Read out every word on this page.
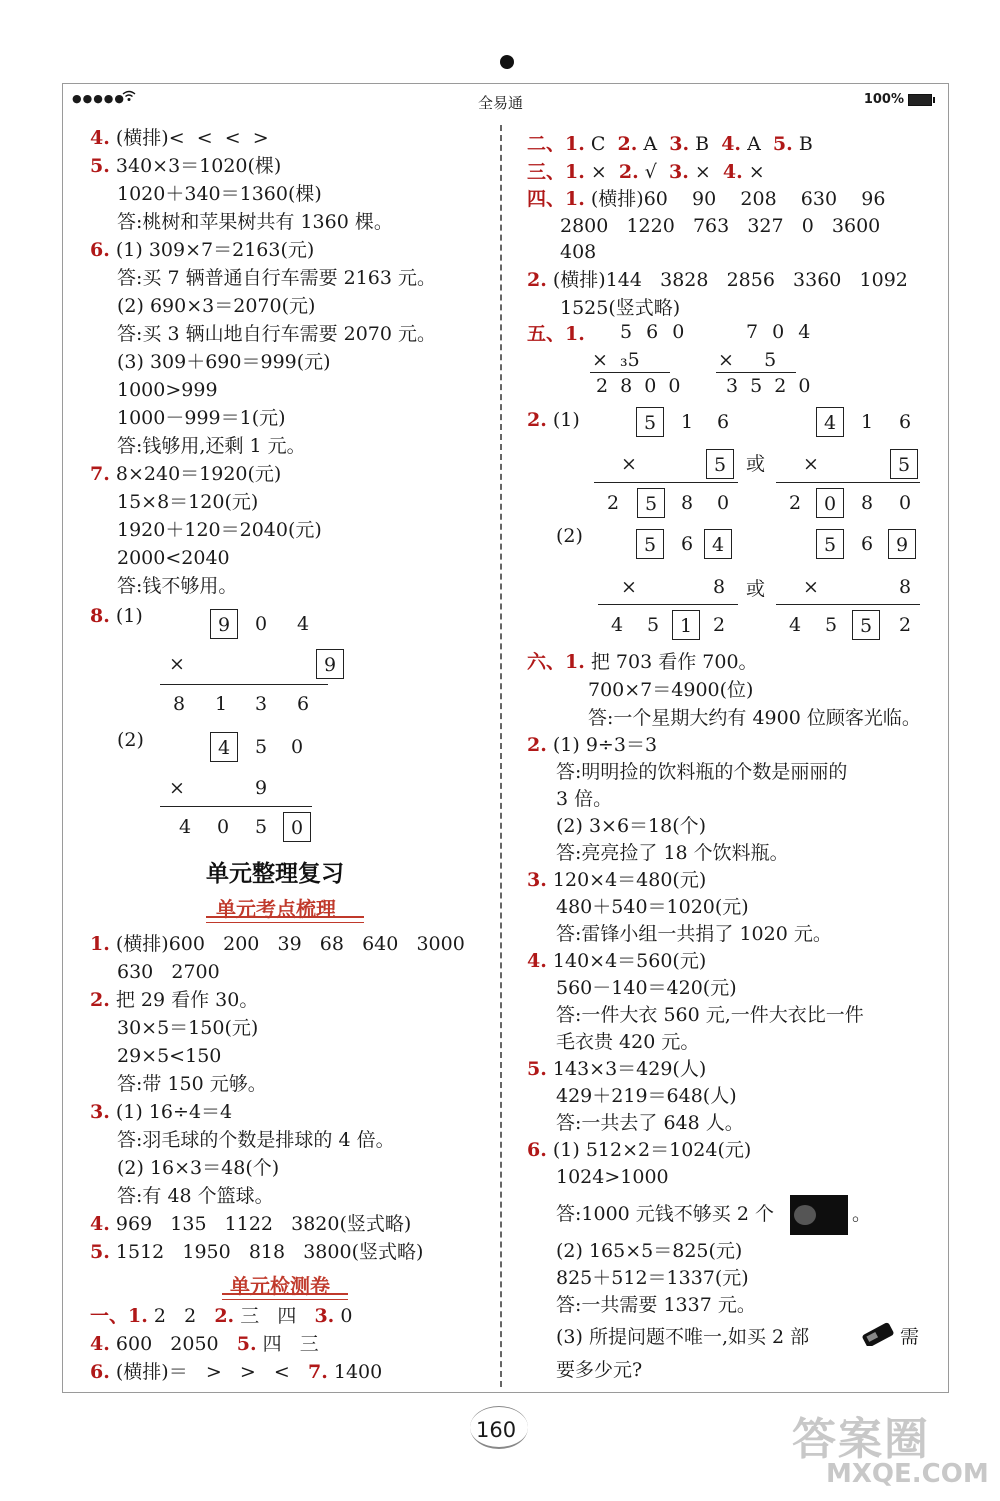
●●●●●	全易通	100%
4. (横排)<  <  <  >
5. 340×3＝1020(棵)
1020＋340＝1360(棵)
答:桃树和苹果树共有 1360 棵。
6. (1) 309×7＝2163(元)
答:买 7 辆普通自行车需要 2163 元。
(2) 690×3＝2070(元)
答:买 3 辆山地自行车需要 2070 元。
(3) 309＋690＝999(元)
1000>999
1000－999＝1(元)
答:钱够用,还剩 1 元。
7. 8×240＝1920(元)
15×8＝120(元)
1920＋120＝2040(元)
2000<2040
答:钱不够用。
8. (1)	9	0	4
×	9
8	1	3	6
(2)	4	5	0
×	9
4	0	5	0
单元整理复习
单元考点梳理
1. (横排)600   200   39   68   640   3000
630   2700
2. 把 29 看作 30。
30×5＝150(元)
29×5<150
答:带 150 元够。
3. (1) 16÷4＝4
答:羽毛球的个数是排球的 4 倍。
(2) 16×3＝48(个)
答:有 48 个篮球。
4. 969   135   1122   3820(竖式略)
5. 1512   1950   818   3800(竖式略)
单元检测卷
一、1. 2   2 2. 三   四 3. 0
4. 600   2050 5. 四   三
6. (横排)＝   >   >   < 7. 1400
二、1. C 2. A 3. B 4. A 5. B
三、1. × 2. √ 3. × 4. ×
四、1. (横排)60    90    208    630    96
2800   1220   763   327   0   3600
408
2. (横排)144   3828   2856   3360   1092
1525(竖式略)
五、1. 5 6 0
×  ₃5
2 8 0 0
7 0 4
×     5
3 5 2 0
2. (1)	5	1	6
×	5
2	5	8	0
或
4	1	6
×	5
2	0	8	0
(2)	5	6 4
×	8
4	5	1	2
或
5	6	9
×	8
4	5	5	2
六、1. 把 703 看作 700。
700×7＝4900(位)
答:一个星期大约有 4900 位顾客光临。
2. (1) 9÷3＝3
答:明明捡的饮料瓶的个数是丽丽的
3 倍。
(2) 3×6＝18(个)
答:亮亮捡了 18 个饮料瓶。
3. 120×4＝480(元)
480＋540＝1020(元)
答:雷锋小组一共捐了 1020 元。
4. 140×4＝560(元)
560－140＝420(元)
答:一件大衣 560 元,一件大衣比一件
毛衣贵 420 元。
5. 143×3＝429(人)
429＋219＝648(人)
答:一共去了 648 人。
6. (1) 512×2＝1024(元)
1024>1000
答:1000 元钱不够买 2 个	。
(2) 165×5＝825(元)
825＋512＝1337(元)
答:一共需要 1337 元。
(3) 所提问题不唯一,如买 2 部	需
要多少元?
160	答案圈
MXQE.COM
